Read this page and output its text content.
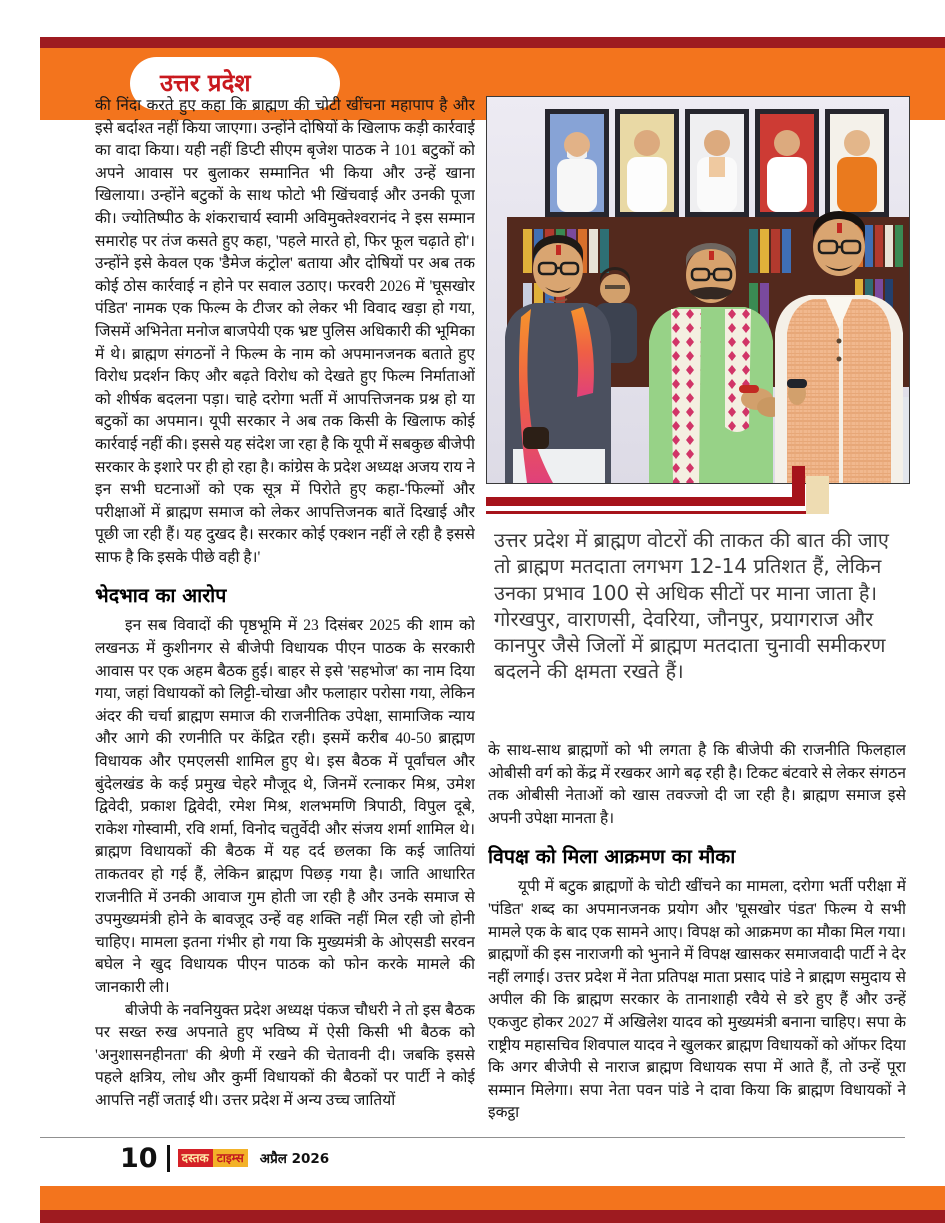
उत्तर प्रदेश

की निंदा करते हुए कहा कि ब्राह्मण की चोटी खींचना महापाप है और इसे बर्दाश्त नहीं किया जाएगा। उन्होंने दोषियों के खिलाफ कड़ी कार्रवाई का वादा किया। यही नहीं डिप्टी सीएम बृजेश पाठक ने 101 बटुकों को अपने आवास पर बुलाकर सम्मानित भी किया और उन्हें खाना खिलाया। उन्होंने बटुकों के साथ फोटो भी खिंचवाई और उनकी पूजा की। ज्योतिष्पीठ के शंकराचार्य स्वामी अविमुक्तेश्वरानंद ने इस सम्मान समारोह पर तंज कसते हुए कहा, 'पहले मारते हो, फिर फूल चढ़ाते हो'। उन्होंने इसे केवल एक 'डैमेज कंट्रोल' बताया और दोषियों पर अब तक कोई ठोस कार्रवाई न होने पर सवाल उठाए। फरवरी 2026 में 'घूसखोर पंडित' नामक एक फिल्म के टीजर को लेकर भी विवाद खड़ा हो गया, जिसमें अभिनेता मनोज बाजपेयी एक भ्रष्ट पुलिस अधिकारी की भूमिका में थे। ब्राह्मण संगठनों ने फिल्म के नाम को अपमानजनक बताते हुए विरोध प्रदर्शन किए और बढ़ते विरोध को देखते हुए फिल्म निर्माताओं को शीर्षक बदलना पड़ा। चाहे दरोगा भर्ती में आपत्तिजनक प्रश्न हो या बटुकों का अपमान। यूपी सरकार ने अब तक किसी के खिलाफ कोई कार्रवाई नहीं की। इससे यह संदेश जा रहा है कि यूपी में सबकुछ बीजेपी सरकार के इशारे पर ही हो रहा है। कांग्रेस के प्रदेश अध्यक्ष अजय राय ने इन सभी घटनाओं को एक सूत्र में पिरोते हुए कहा-'फिल्मों और परीक्षाओं में ब्राह्मण समाज को लेकर आपत्तिजनक बातें दिखाई और पूछी जा रही हैं। यह दुखद है। सरकार कोई एक्शन नहीं ले रही है इससे साफ है कि इसके पीछे वही है।'

भेदभाव का आरोप

इन सब विवादों की पृष्ठभूमि में 23 दिसंबर 2025 की शाम को लखनऊ में कुशीनगर से बीजेपी विधायक पीएन पाठक के सरकारी आवास पर एक अहम बैठक हुई। बाहर से इसे 'सहभोज' का नाम दिया गया, जहां विधायकों को लिट्टी-चोखा और फलाहार परोसा गया, लेकिन अंदर की चर्चा ब्राह्मण समाज की राजनीतिक उपेक्षा, सामाजिक न्याय और आगे की रणनीति पर केंद्रित रही। इसमें करीब 40-50 ब्राह्मण विधायक और एमएलसी शामिल हुए थे। इस बैठक में पूर्वांचल और बुंदेलखंड के कई प्रमुख चेहरे मौजूद थे, जिनमें रत्नाकर मिश्र, उमेश द्विवेदी, प्रकाश द्विवेदी, रमेश मिश्र, शलभमणि त्रिपाठी, विपुल दूबे, राकेश गोस्वामी, रवि शर्मा, विनोद चतुर्वेदी और संजय शर्मा शामिल थे। ब्राह्मण विधायकों की बैठक में यह दर्द छलका कि कई जातियां ताकतवर हो गई हैं, लेकिन ब्राह्मण पिछड़ गया है। जाति आधारित राजनीति में उनकी आवाज गुम होती जा रही है और उनके समाज से उपमुख्यमंत्री होने के बावजूद उन्हें वह शक्ति नहीं मिल रही जो होनी चाहिए। मामला इतना गंभीर हो गया कि मुख्यमंत्री के ओएसडी सरवन बघेल ने खुद विधायक पीएन पाठक को फोन करके मामले की जानकारी ली।

बीजेपी के नवनियुक्त प्रदेश अध्यक्ष पंकज चौधरी ने तो इस बैठक पर सख्त रुख अपनाते हुए भविष्य में ऐसी किसी भी बैठक को 'अनुशासनहीनता' की श्रेणी में रखने की चेतावनी दी। जबकि इससे पहले क्षत्रिय, लोध और कुर्मी विधायकों की बैठकों पर पार्टी ने कोई आपत्ति नहीं जताई थी। उत्तर प्रदेश में अन्य उच्च जातियों

उत्तर प्रदेश में ब्राह्मण वोटरों की ताकत की बात की जाए तो ब्राह्मण मतदाता लगभग 12-14 प्रतिशत हैं, लेकिन उनका प्रभाव 100 से अधिक सीटों पर माना जाता है। गोरखपुर, वाराणसी, देवरिया, जौनपुर, प्रयागराज और कानपुर जैसे जिलों में ब्राह्मण मतदाता चुनावी समीकरण बदलने की क्षमता रखते हैं।

के साथ-साथ ब्राह्मणों को भी लगता है कि बीजेपी की राजनीति फिलहाल ओबीसी वर्ग को केंद्र में रखकर आगे बढ़ रही है। टिकट बंटवारे से लेकर संगठन तक ओबीसी नेताओं को खास तवज्जो दी जा रही है। ब्राह्मण समाज इसे अपनी उपेक्षा मानता है।

विपक्ष को मिला आक्रमण का मौका

यूपी में बटुक ब्राह्मणों के चोटी खींचने का मामला, दरोगा भर्ती परीक्षा में 'पंडित' शब्द का अपमानजनक प्रयोग और 'घूसखोर पंडत' फिल्म ये सभी मामले एक के बाद एक सामने आए। विपक्ष को आक्रमण का मौका मिल गया। ब्राह्मणों की इस नाराजगी को भुनाने में विपक्ष खासकर समाजवादी पार्टी ने देर नहीं लगाई। उत्तर प्रदेश में नेता प्रतिपक्ष माता प्रसाद पांडे ने ब्राह्मण समुदाय से अपील की कि ब्राह्मण सरकार के तानाशाही रवैये से डरे हुए हैं और उन्हें एकजुट होकर 2027 में अखिलेश यादव को मुख्यमंत्री बनाना चाहिए। सपा के राष्ट्रीय महासचिव शिवपाल यादव ने खुलकर ब्राह्मण विधायकों को ऑफर दिया कि अगर बीजेपी से नाराज ब्राह्मण विधायक सपा में आते हैं, तो उन्हें पूरा सम्मान मिलेगा। सपा नेता पवन पांडे ने दावा किया कि ब्राह्मण विधायकों ने इकट्ठा

10	दस्तक टाइम्स अप्रैल 2026
